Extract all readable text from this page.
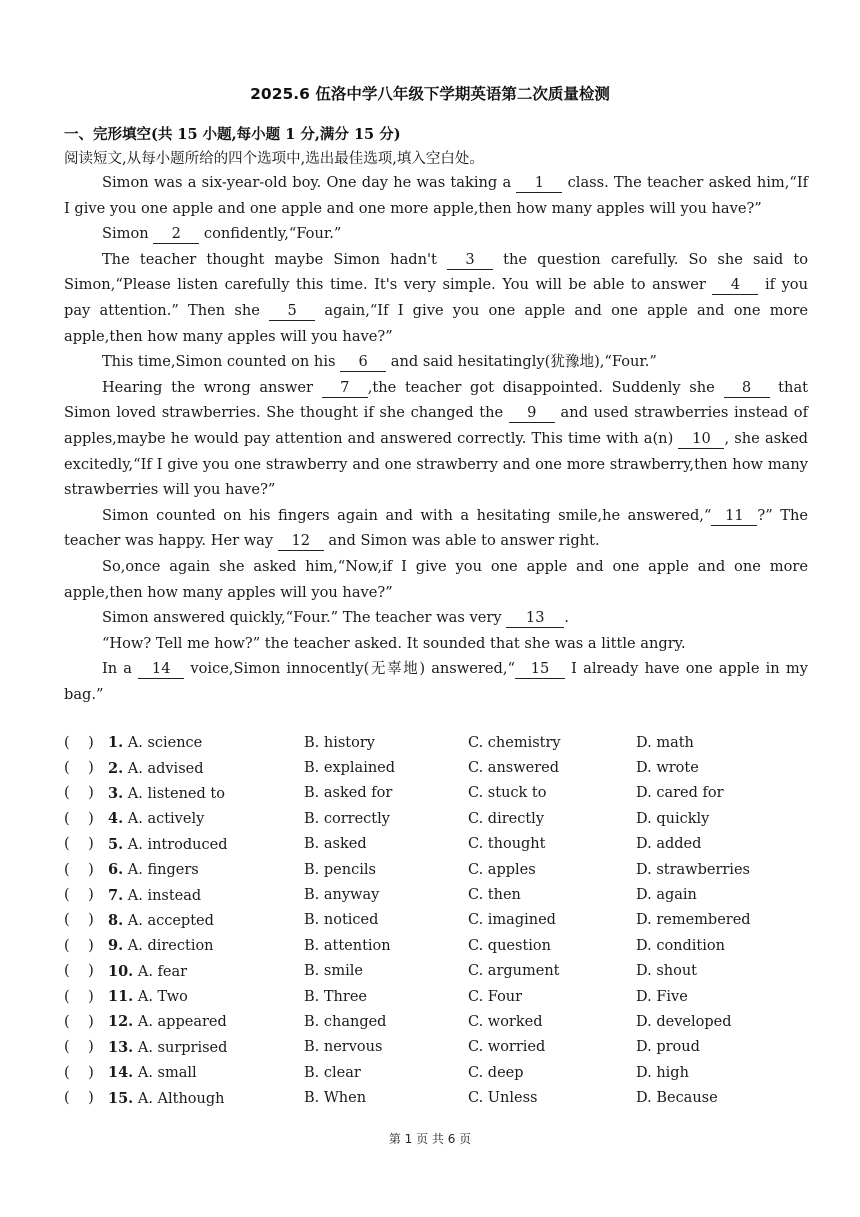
2025.6 伍洛中学八年级下学期英语第二次质量检测
一、完形填空(共 15 小题,每小题 1 分,满分 15 分)
阅读短文,从每小题所给的四个选项中,选出最佳选项,填入空白处。

Simon was a six-year-old boy. One day he was taking a 1 class. The teacher asked him,“If I give you one apple and one apple and one more apple,then how many apples will you have?”

Simon 2 confidently,“Four.”

The teacher thought maybe Simon hadn't 3 the question carefully. So she said to Simon,“Please listen carefully this time. It's very simple. You will be able to answer 4 if you pay attention.” Then she 5 again,“If I give you one apple and one apple and one more apple,then how many apples will you have?”

This time,Simon counted on his 6 and said hesitatingly(犹豫地),“Four.”

Hearing the wrong answer 7 ,the teacher got disappointed. Suddenly she 8 that Simon loved strawberries. She thought if she changed the 9 and used strawberries instead of apples,maybe he would pay attention and answered correctly. This time with a(n) 10 , she asked excitedly,“If I give you one strawberry and one strawberry and one more strawberry,then how many strawberries will you have?”

Simon counted on his fingers again and with a hesitating smile,he answered,“ 11 ?” The teacher was happy. Her way 12 and Simon was able to answer right.

So,once again she asked him,“Now,if I give you one apple and one apple and one more apple,then how many apples will you have?”

Simon answered quickly,“Four.” The teacher was very 13 .

“How? Tell me how?” the teacher asked. It sounded that she was a little angry.

In a 14 voice,Simon innocently(无辜地) answered,“ 15 I already have one apple in my bag.”

(    ) 1. A. science	B. history	C. chemistry	D. math
(    ) 2. A. advised	B. explained	C. answered	D. wrote
(    ) 3. A. listened to	B. asked for	C. stuck to	D. cared for
(    ) 4. A. actively	B. correctly	C. directly	D. quickly
(    ) 5. A. introduced	B. asked	C. thought	D. added
(    ) 6. A. fingers	B. pencils	C. apples	D. strawberries
(    ) 7. A. instead	B. anyway	C. then	D. again
(    ) 8. A. accepted	B. noticed	C. imagined	D. remembered
(    ) 9. A. direction	B. attention	C. question	D. condition
(    ) 10. A. fear	B. smile	C. argument	D. shout
(    ) 11. A. Two	B. Three	C. Four	D. Five
(    ) 12. A. appeared	B. changed	C. worked	D. developed
(    ) 13. A. surprised	B. nervous	C. worried	D. proud
(    ) 14. A. small	B. clear	C. deep	D. high
(    ) 15. A. Although	B. When	C. Unless	D. Because
第 1 页 共 6 页
